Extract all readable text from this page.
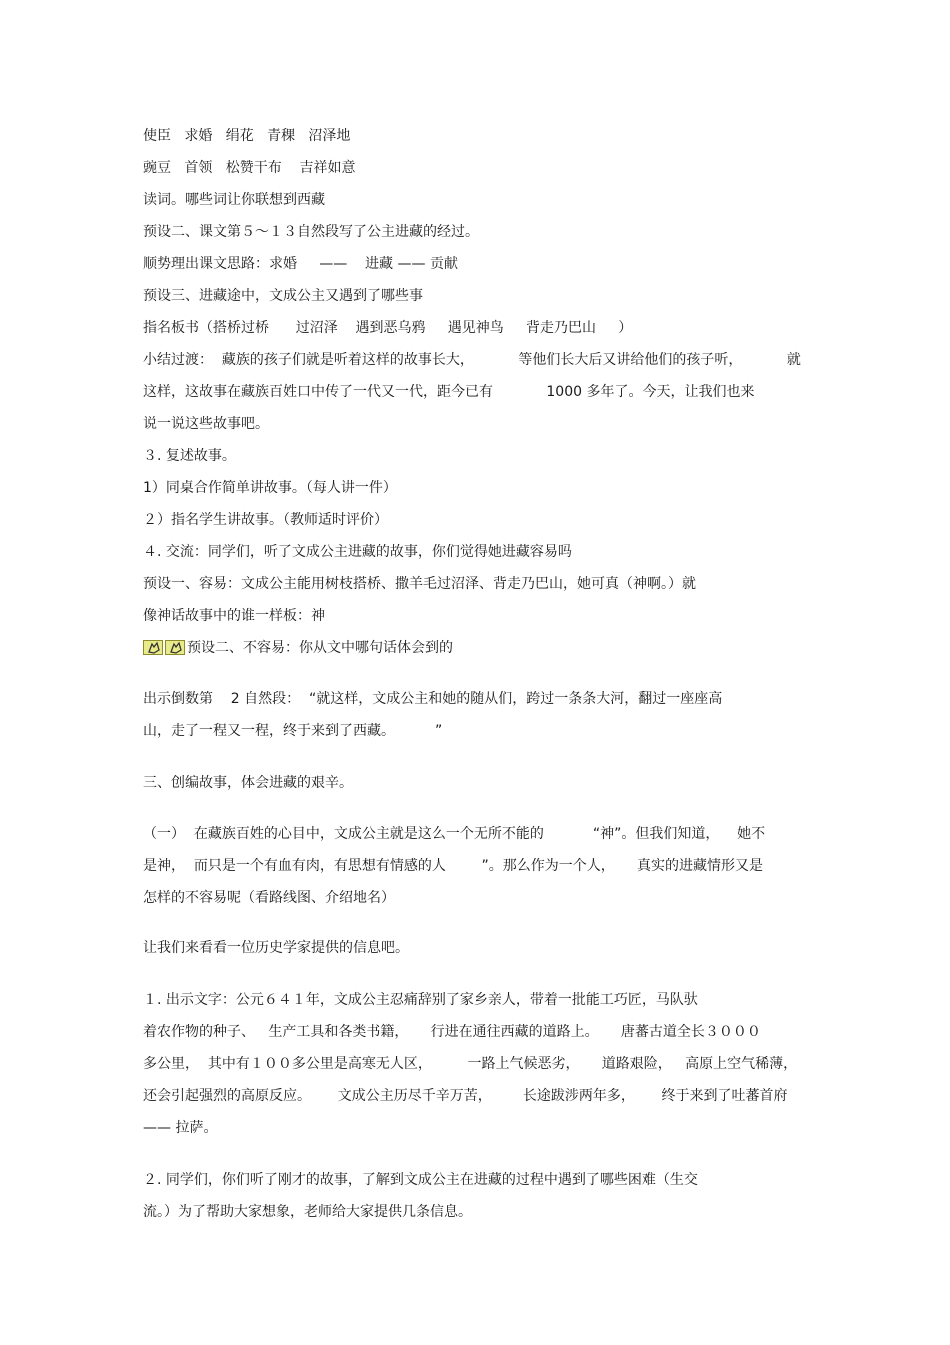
使臣   求婚   绢花   青稞   沼泽地

豌豆   首领   松赞干布    吉祥如意

读词。哪些词让你联想到西藏

预设二、课文第５～１３自然段写了公主进藏的经过。

顺势理出课文思路：求婚     ——    进藏 —— 贡献

预设三、进藏途中，文成公主又遇到了哪些事

指名板书（搭桥过桥      过沼泽    遇到恶乌鸦     遇见神鸟     背走乃巴山     ）

小结过渡：  藏族的孩子们就是听着这样的故事长大，          等他们长大后又讲给他们的孩子听，          就

这样，这故事在藏族百姓口中传了一代又一代，距今已有            1000 多年了。今天，让我们也来

说一说这些故事吧。

３. 复述故事。

1）同桌合作简单讲故事。（每人讲一件）

２）指名学生讲故事。（教师适时评价）

４. 交流：同学们，听了文成公主进藏的故事，你们觉得她进藏容易吗

预设一、容易：文成公主能用树枝搭桥、撒羊毛过沼泽、背走乃巴山，她可真（神啊。）就

像神话故事中的谁一样板：神

预设二、不容易：你从文中哪句话体会到的

出示倒数第    2 自然段：  “就这样，文成公主和她的随从们，跨过一条条大河，翻过一座座高

山，走了一程又一程，终于来到了西藏。         ”

三、创编故事，体会进藏的艰辛。

（一）  在藏族百姓的心目中，文成公主就是这么一个无所不能的           “神”。但我们知道，    她不

是神，  而只是一个有血有肉，有思想有情感的人        ”。那么作为一个人，     真实的进藏情形又是

怎样的不容易呢（看路线图、介绍地名）

让我们来看看一位历史学家提供的信息吧。

１. 出示文字：公元６４１年，文成公主忍痛辞别了家乡亲人，带着一批能工巧匠，马队驮

着农作物的种子、   生产工具和各类书籍，     行进在通往西藏的道路上。     唐蕃古道全长３０００

多公里，  其中有１００多公里是高寒无人区，        一路上气候恶劣，     道路艰险，   高原上空气稀薄，

还会引起强烈的高原反应。      文成公主历尽千辛万苦，       长途跋涉两年多，      终于来到了吐蕃首府

—— 拉萨。

２. 同学们，你们听了刚才的故事，了解到文成公主在进藏的过程中遇到了哪些困难（生交

流。）为了帮助大家想象，老师给大家提供几条信息。
